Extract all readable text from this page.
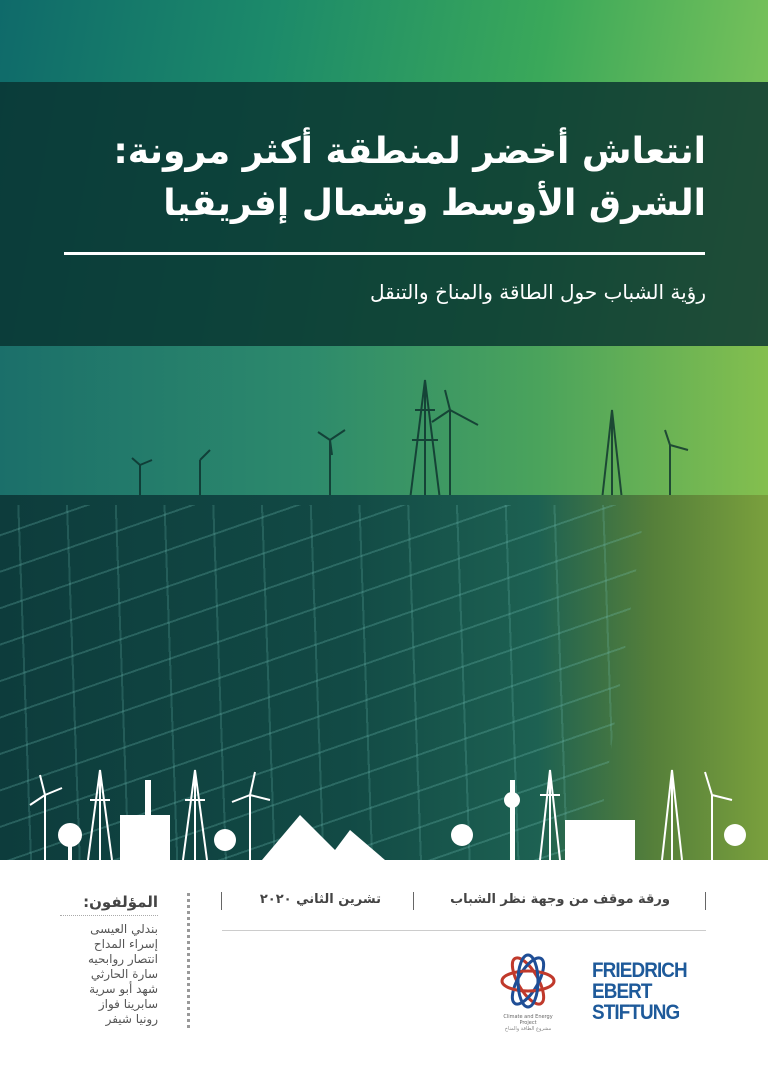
انتعاش أخضر لمنطقة أكثر مرونة:
الشرق الأوسط وشمال إفريقيا
رؤية الشباب حول الطاقة والمناخ والتنقل
ورقة موقف من وجهة نظر الشباب
تشرين الثاني ٢٠٢٠
المؤلفون:
بندلي العيسى
إسراء المداح
انتصار روابحيه
سارة الحارثي
شهد أبو سرية
سابرينا فواز
رونيا شيفر	Climate and Energy Project
مشروع الطاقة والمناخ
FRIEDRICH
EBERT
STIFTUNG
